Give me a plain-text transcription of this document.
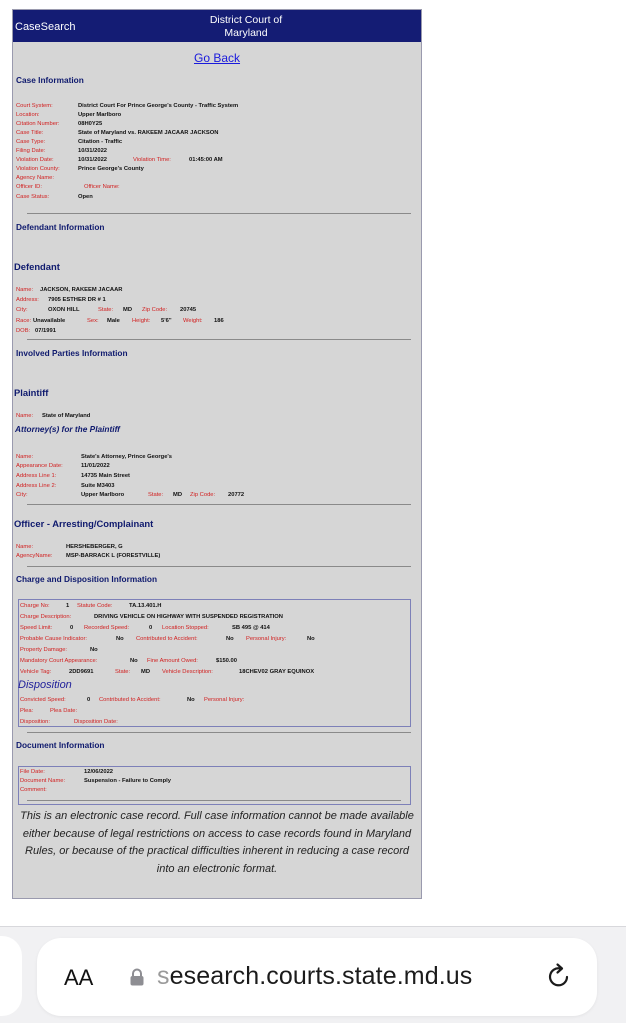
CaseSearch
District Court of
Maryland
Go Back
Case Information
Court System:	District Court For Prince George's County - Traffic System
Location:	Upper Marlboro
Citation Number:	08H0Y25
Case Title:	State of Maryland vs. RAKEEM JACAAR JACKSON
Case Type:	Citation - Traffic
Filing Date:	10/31/2022
Violation Date:	10/31/2022	Violation Time:	01:45:00 AM
Violation County:	Prince George's County
Agency Name:
Officer ID:	Officer Name:
Case Status:	Open
Defendant Information
Defendant
Name: JACKSON, RAKEEM JACAAR
Address: 7905 ESTHER DR # 1
City:	OXON HILL	State: MD Zip Code: 20745
Race: Unavailable	Sex: Male Height: 5'6" Weight: 186
DOB: 07/1991
Involved Parties Information
Plaintiff
Name: State of Maryland
Attorney(s) for the Plaintiff
Name:	State's Attorney, Prince George's
Appearance Date:	11/01/2022
Address Line 1:	14735 Main Street
Address Line 2:	Suite M3403
City:	Upper Marlboro	State: MD Zip Code: 20772
Officer - Arresting/Complainant
Name:	HERSHEBERGER, G
AgencyName: MSP-BARRACK L (FORESTVILLE)
Charge and Disposition Information
Charge No:	1 Statute Code:	TA.13.401.H
Charge Description:	DRIVING VEHICLE ON HIGHWAY WITH SUSPENDED REGISTRATION
Speed Limit:	0 Recorded Speed:	0 Location Stopped:	SB 495 @ 414
Probable Cause Indicator:	No Contributed to Accident:	No Personal Injury:	No
Property Damage:	No
Mandatory Court Appearance:	No Fine Amount Owed:	$150.00
Vehicle Tag:	2DD9691	State: MD Vehicle Description:	18CHEV02 GRAY EQUINOX
Disposition
Convicted Speed:	0 Contributed to Accident:	No Personal Injury:
Plea:	Plea Date:
Disposition:	Disposition Date:
Document Information
File Date:	12/06/2022
Document Name:	Suspension - Failure to Comply
Comment:
This is an electronic case record. Full case information cannot be made available either because of legal restrictions on access to case records found in Maryland Rules, or because of the practical difficulties inherent in reducing a case record into an electronic format.
AA	sesearch.courts.state.md.us
